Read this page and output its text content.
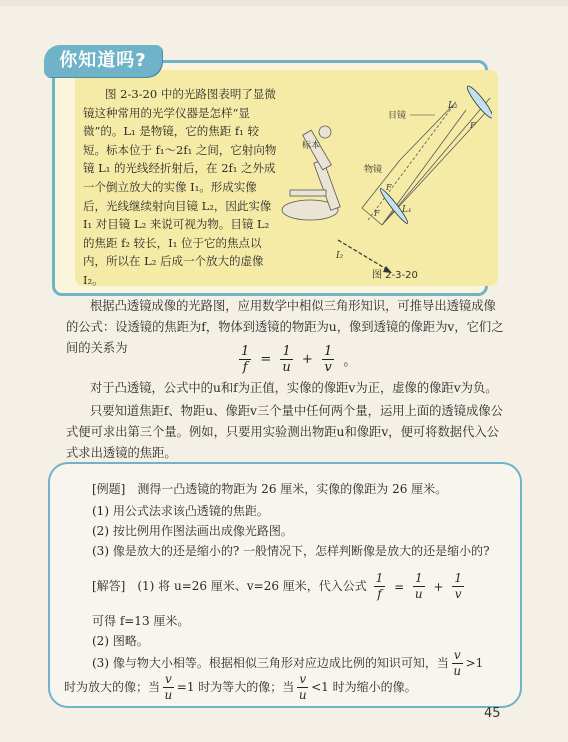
你知道吗?
图 2-3-20 中的光路图表明了显微镜这种常用的光学仪器是怎样“显微”的。L₁ 是物镜，它的焦距 f₁ 较短。标本位于 f₁～2f₁ 之间，它射向物镜 L₁ 的光线经折射后，在 2f₁ 之外成一个倒立放大的实像 I₁。形成实像后，光线继续射向目镜 L₂，因此实像 I₁ 对目镜 L₂ 来说可视为物。目镜 L₂ 的焦距 f₂ 较长，I₁ 位于它的焦点以内，所以在 L₂ 后成一个放大的虚像 I₂。
目镜
标本
物镜
L₂
L₁
I₂
F
F
F
图 2-3-20
根据凸透镜成像的光路图，应用数学中相似三角形知识，可推导出透镜成像的公式：设透镜的焦距为f，物体到透镜的物距为u，像到透镜的像距为v，它们之间的关系为	$\frac{1}{f} = \frac{1}{u} + \frac{1}{v}$ 。
对于凸透镜，公式中的u和f为正值，实像的像距v为正，虚像的像距v为负。
只要知道焦距f、物距u、像距v三个量中任何两个量，运用上面的透镜成像公式便可求出第三个量。例如，只要用实验测出物距u和像距v，便可将数据代入公式求出透镜的焦距。
[例题]　测得一凸透镜的物距为 26 厘米，实像的像距为 26 厘米。
(1) 用公式法求该凸透镜的焦距。
(2) 按比例用作图法画出成像光路图。
(3) 像是放大的还是缩小的? 一般情况下，怎样判断像是放大的还是缩小的?
[解答]　(1) 将 u=26 厘米、v=26 厘米，代入公式 $\frac{1}{f} = \frac{1}{u} + \frac{1}{v}$
可得 f=13 厘米。
(2) 图略。
(3) 像与物大小相等。根据相似三角形对应边成比例的知识可知，当 $\frac{v}{u} >1$
时为放大的像；当 $\frac{v}{u} =1$ 时为等大的像；当 $\frac{v}{u} <1$ 时为缩小的像。
45
